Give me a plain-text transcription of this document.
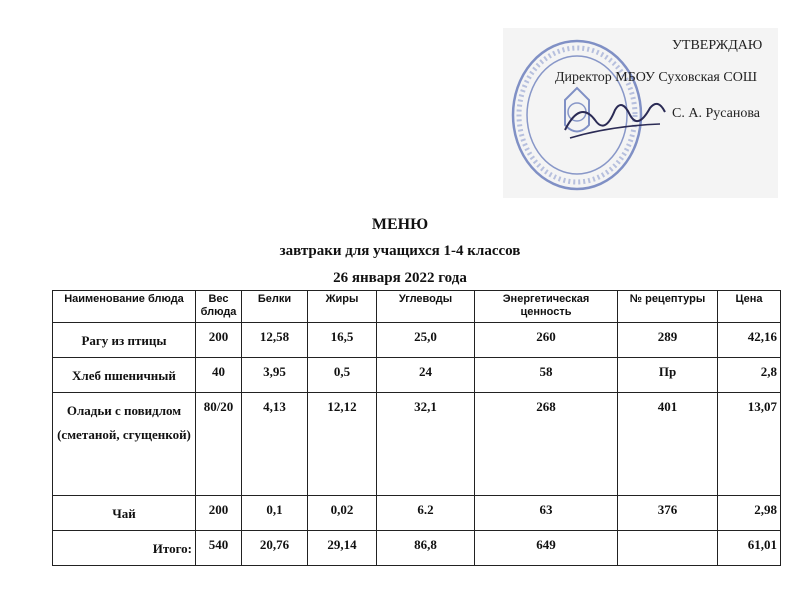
УТВЕРЖДАЮ
Директор МБОУ Суховская СОШ
С. А. Русанова
МЕНЮ
завтраки для учащихся 1-4 классов
26 января 2022 года
Наименование блюда	Вес блюда	Белки	Жиры	Углеводы	Энергетическая ценность	№ рецептуры	Цена
Рагу из птицы	200	12,58	16,5	25,0	260	289	42,16
Хлеб пшеничный	40	3,95	0,5	24	58	Пр	2,8
Оладьи с повидлом (сметаной, сгущенкой)	80/20	4,13	12,12	32,1	268	401	13,07
Чай	200	0,1	0,02	6.2	63	376	2,98
Итого:	540	20,76	29,14	86,8	649		61,01
